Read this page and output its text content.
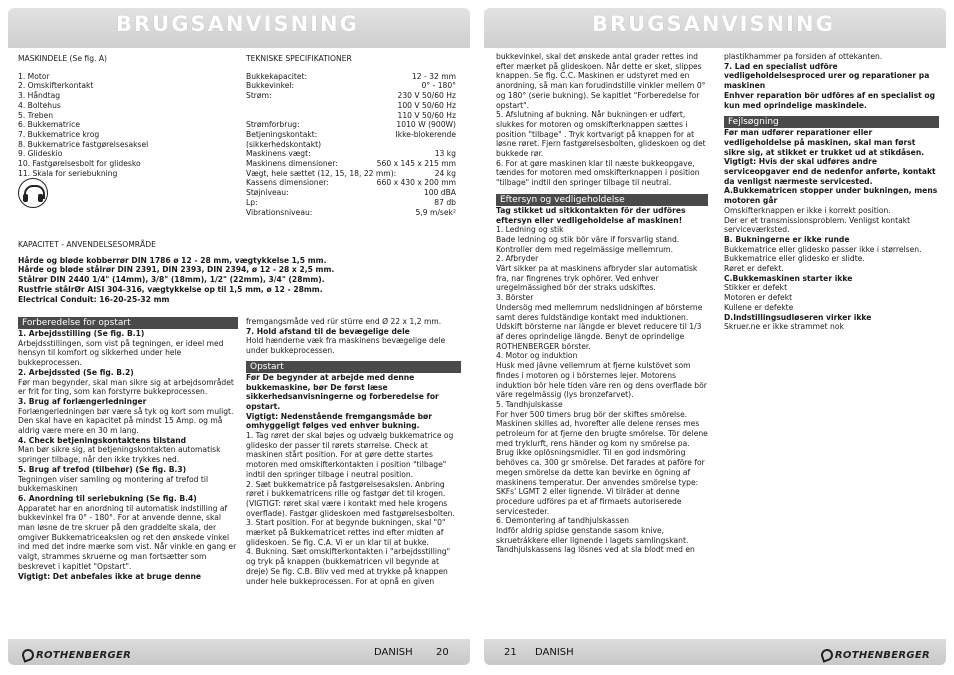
BRUGSANVISNING
MASKINDELE (Se fig. A)
1. Motor
2. Omskifterkontakt
3. Håndtag
4. Boltehus
5. Treben
6. Bukkematrice
7. Bukkematrice krog
8. Bukkematrice fastgørelsesaksel
9. Glideskio
10. Fastgørelsesbolt for glidesko
11. Skala for seriebukning
TEKNISKE SPECIFIKATIONER
Bukkekapacitet:	12 - 32 mm
Bukkevinkel:	0° - 180°
Strøm:	230 V 50/60 Hz
100 V 50/60 Hz
110 V 50/60 Hz
Strømforbrug:	1010 W (900W)
Betjeningskontakt:	Ikke-blokerende
(sikkerhedskontakt)
Maskinens vægt:	13 kg
Maskinens dimensioner:	560 x 145 x 215 mm
Vægt, hele sættet (12, 15, 18, 22 mm):	24 kg
Kassens dimensioner:	660 x 430 x 200 mm
Støjniveau:	100 dBA
Lp:	87 db
Vibrationsniveau:	5,9 m/sek²
KAPACITET - ANVENDELSESOMRÅDE
Hårde og bløde kobberrør DIN 1786 ø 12 - 28 mm, vægtykkelse 1,5 mm.
Hårde og bløde stålrør DIN 2391, DIN 2393, DIN 2394, ø 12 - 28 x 2,5 mm.
Stålrør DIN 2440 1/4" (14mm), 3/8" (18mm), 1/2" (22mm), 3/4" (28mm).
Rustfrie stålrØr AISI 304-316, vægtykkelse op til 1,5 mm, ø 12 - 28mm.
Electrical Conduit: 16-20-25-32 mm
Forberedelse for opstart
1. Arbejdsstilling (Se fig. B.1)
Arbejdsstillingen, som vist på tegningen, er ideel med hensyn til komfort og sikkerhed under hele bukkeprocessen.
2. Arbejdssted (Se fig. B.2)
Før man begynder, skal man sikre sig at arbejdsområdet er frit for ting, som kan forstyrre bukkeprocessen.
3. Brug af forlængerledninger
Forlængerledningen bør være så tyk og kort som muligt. Den skal have en kapacitet på mindst 15 Amp. og må aldrig være mere en 30 m lang.
4. Check betjeningskontaktens tilstand
Man bør sikre sig, at betjeningskontakten automatisk springer tilbage, når den ikke trykkes ned.
5. Brug af trefod (tilbehør) (Se fig. B.3)
Tegningen viser samling og montering af trefod til bukkemaskinen
6. Anordning til seriebukning (Se fig. B.4)
Apparatet har en anordning til automatisk indstilling af bukkevinkel fra 0° - 180°. For at anvende denne, skal man løsne de tre skruer på den graddelte skala, der omgiver Bukkematriceakslen og ret den ønskede vinkel ind med det indre mærke som vist. Når vinkle en gang er valgt, strammes skruerne og man fortsætter som beskrevet i kapitlet "Opstart".
Vigtigt: Det anbefales ikke at bruge denne
fremgangsmåde ved rür stürre end Ø 22 x 1,2 mm.
7. Hold afstand til de bevægelige dele
Hold hænderne væk fra maskinens bevægelige dele under bukkeprocessen.
Opstart
Før De begynder at arbejde med denne bukkemaskine, bør De først læse sikkerhedsanvisningerne og forberedelse for opstart.
Vigtigt: Nedenstående fremgangsmåde bør omhyggeligt følges ved enhver bukning.
1. Tag røret der skal bøjes og udvælg bukkematrice og glidesko der passer til rørets størrelse. Check at maskinen stårt position. For at gøre dette startes motoren med omskifterkontakten i position "tilbage" indtil den springer tilbage i neutral position.
2. Sæt bukkematrice på fastgørelsesakslen. Anbring røret i bukkematricens rille og fastgør det til krogen. (VIGTIGT: røret skal være i kontakt med hele krogens overflade). Fastgør glideskoen med fastgørelsesbolten.
3. Start position. For at begynde bukningen, skal "0" mærket på Bukkematricet rettes ind efter midten af glideskoen. Se fig. C.A. Vi er un klar til at bukke.
4. Bukning. Sæt omskifterkontakten i "arbejdsstilling" og tryk på knappen (bukkematricen vil begynde at dreje) Se fig. C.B. Bliv ved med at trykke på knappen under hele bukkeprocessen. For at opnå en given
ROTHENBERGER	DANISH 20
BRUGSANVISNING
bukkevinkel, skal det ønskede antal grader rettes ind efter mærket på glideskoen. Når dette er sket, slippes knappen. Se fig. C.C. Maskinen er udstyret med en anordning, så man kan forudindstille vinkler mellem 0° og 180° (serie bukning). Se kapitlet "Forberedelse for opstart".
5. Afslutning af bukning. Når bukningen er udført, slukkes for motoren og omskifterknappen sættes i position "tilbage" . Tryk kortvarigt på knappen for at løsne røret. Fjern fastgørelsesbolten, glideskoen og det bukkede rør.
6. For at gøre maskinen klar til næste bukkeopgave, tændes for motoren med omskifterknappen i position "tilbage" indtil den springer tilbage til neutral.
Eftersyn og vedligeholdelse
Tag stikket ud sitkkontakten för der udföres eftersyn eller vedligeholdelse af maskinen!
1. Ledning og stik
Bade ledning og stik bör väre if forsvarlig stand. Kontroller dem med regelmässige mellemrum.
2. Afbryder
Värt sikker pa at maskinens afbryder slar automatisk fra, nar fingrenes tryk ophörer. Ved enhver uregelmässighed bör der straks udskiftes.
3. Börster
Undersög med mellemrum nedslidningen af börsterne samt deres fuldständige kontakt med induktionen. Udskift börsterne nar längde er blevet reducere til 1/3 af deres oprindelige längde. Benyt de oprindelige ROTHENBERGER börster.
4. Motor og induktion
Husk med jävne vellemrum at fjerne kulstövet som findes i motoren og i börsternes lejer. Motorens induktion bör hele tiden väre ren og dens overflade bör väre regelmässig (lys bronzefarvet).
5. Tandhjulskasse
For hver 500 timers brug bör der skiftes smörelse. Maskinen skilles ad, hvorefter alle delene renses mes petroleum for at fjerne den brugte smörelse. Tör delene med tryklurft, rens händer og kom ny smörelse pa. Brug ikke oplösningsmidler. Til en god indsmöring behöves ca. 300 gr smörelse. Det farades at paföre for megen smörelse da dette kan bevirke en ögning af maskinens temperatur. Der anvendes smörelse type: SKFs' LGMT 2 eller lignende. Vi tilräder at denne procedure udföres pa et af firmaets autoriserede servicesteder.
6. Demontering af tandhjulskassen
Indför aldrig spidse genstande sasom knive, skruetrákkere eller lignende i lagets samlingskant. Tandhjulskassens lag lösnes ved at sla blodt med en
plastikhammer pa forsiden af ottekanten.
7. Lad en specialist udföre vedligeholdelsesproced urer og reparationer pa maskinen
Enhver reparation bör udföres af en specialist og kun med oprindelige maskindele.
Fejlsøgning
Før man udfører reparationer eller vedligeholdelse på maskinen, skal man først sikre sig, at stikket er trukket ud at stikdåsen.
Vigtigt: Hvis der skal udføres andre serviceopgaver end de nedenfor anførte, kontakt da venligst nærmeste servicested.
A.Bukkematricen stopper under bukningen, mens motoren går
Omskifterknappen er ikke i korrekt position.
Der er et transmissionsproblem. Venligst kontakt serviceværksted.
B. Bukningerne er ikke runde
Bukkematrice eller glidesko passer ikke i størrelsen.
Bukkematrice eller glidesko er slidte.
Røret er defekt.
C.Bukkemaskinen starter ikke
Stikker er defekt
Motoren er defekt
Kullene er defekte
D.Indstillingsudløseren virker ikke
Skruer.ne er ikke strammet nok
21 DANISH	ROTHENBERGER
